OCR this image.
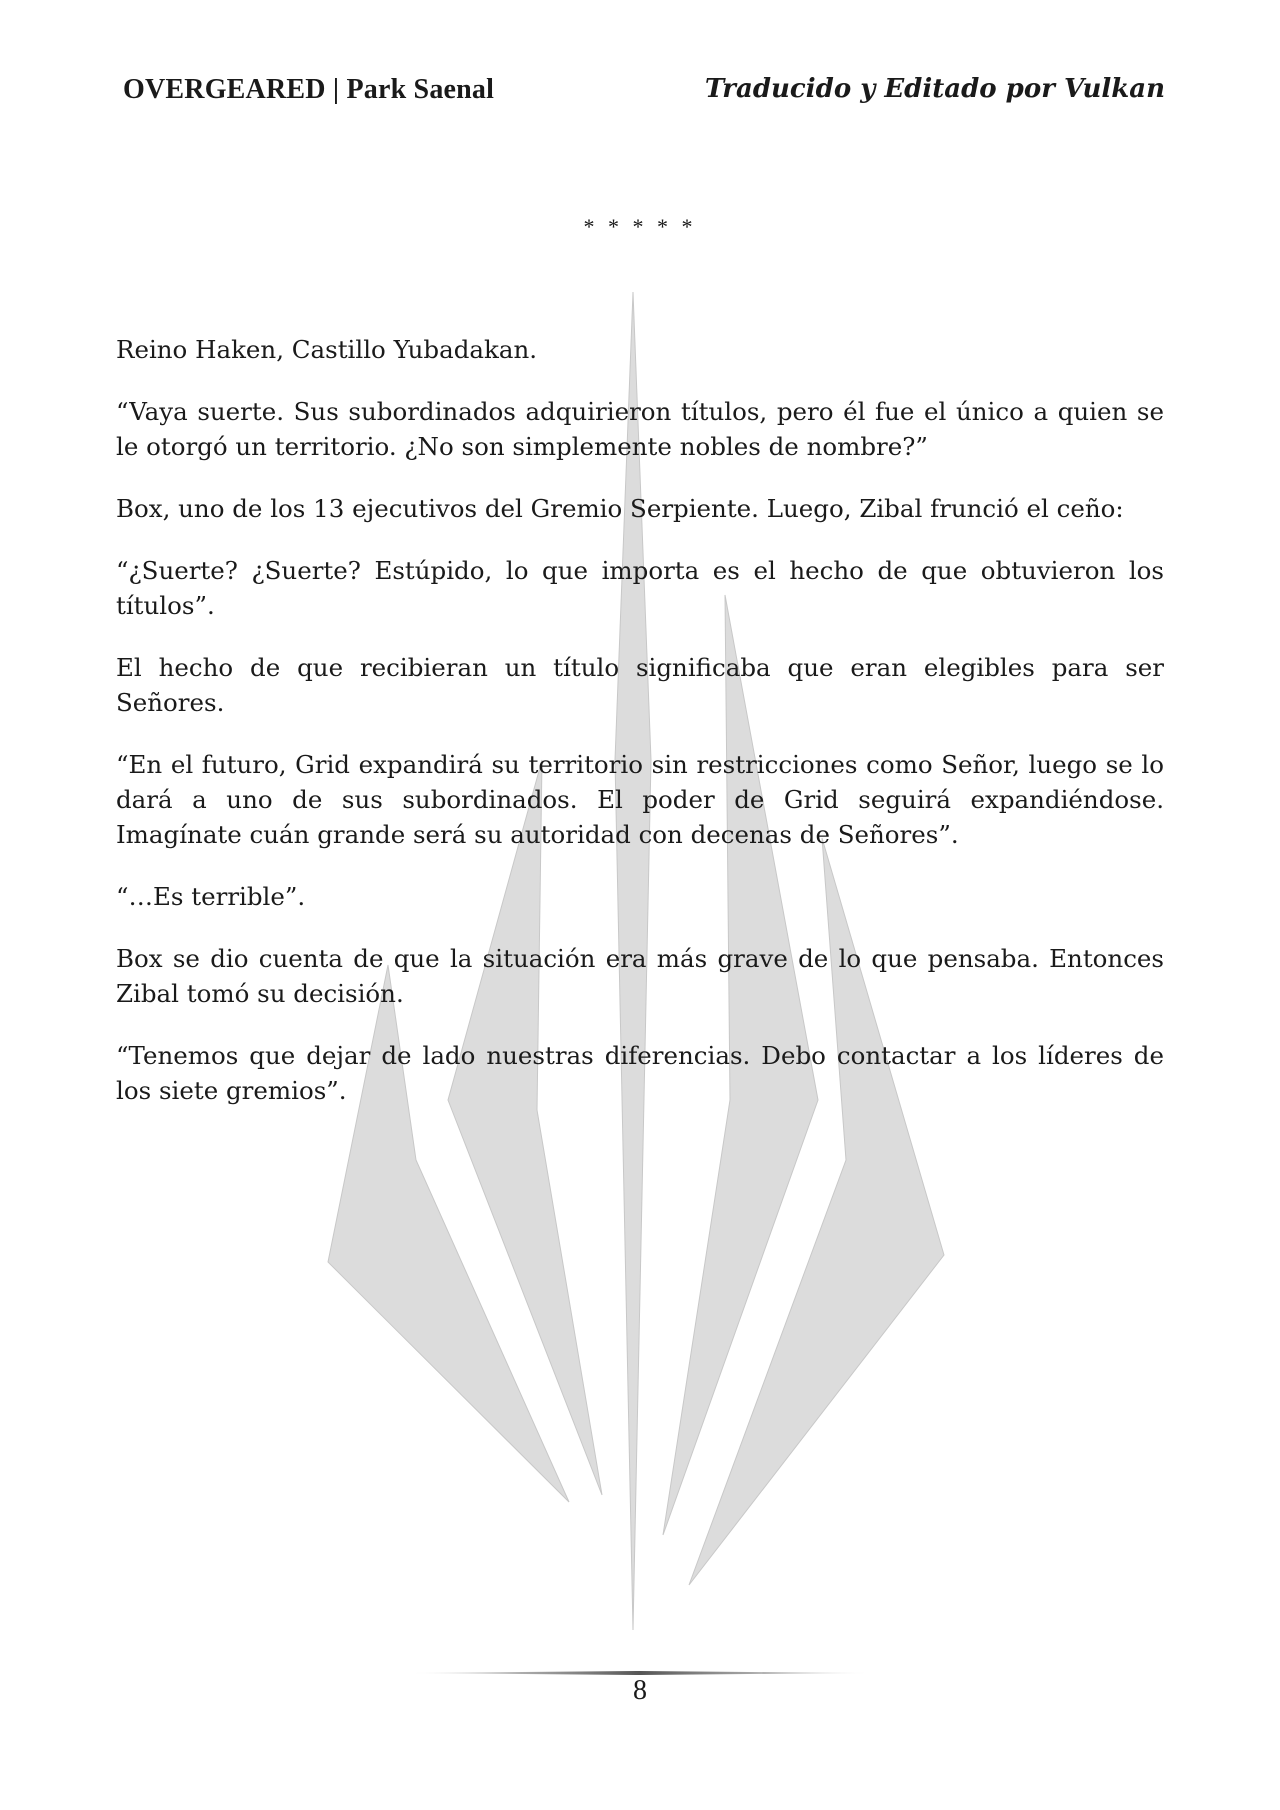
OVERGEARED | Park Saenal	Traducido y Editado por Vulkan
* * * * *

Reino Haken, Castillo Yubadakan.

“Vaya suerte. Sus subordinados adquirieron títulos, pero él fue el único a quien se le otorgó un territorio. ¿No son simplemente nobles de nombre?”

Box, uno de los 13 ejecutivos del Gremio Serpiente. Luego, Zibal frunció el ceño:

“¿Suerte? ¿Suerte? Estúpido, lo que importa es el hecho de que obtuvieron los títulos”.

El hecho de que recibieran un título significaba que eran elegibles para ser Señores.

“En el futuro, Grid expandirá su territorio sin restricciones como Señor, luego se lo dará a uno de sus subordinados. El poder de Grid seguirá expandiéndose. Imagínate cuán grande será su autoridad con decenas de Señores”.

“…Es terrible”.

Box se dio cuenta de que la situación era más grave de lo que pensaba. Entonces Zibal tomó su decisión.

“Tenemos que dejar de lado nuestras diferencias. Debo contactar a los líderes de los siete gremios”.

8
